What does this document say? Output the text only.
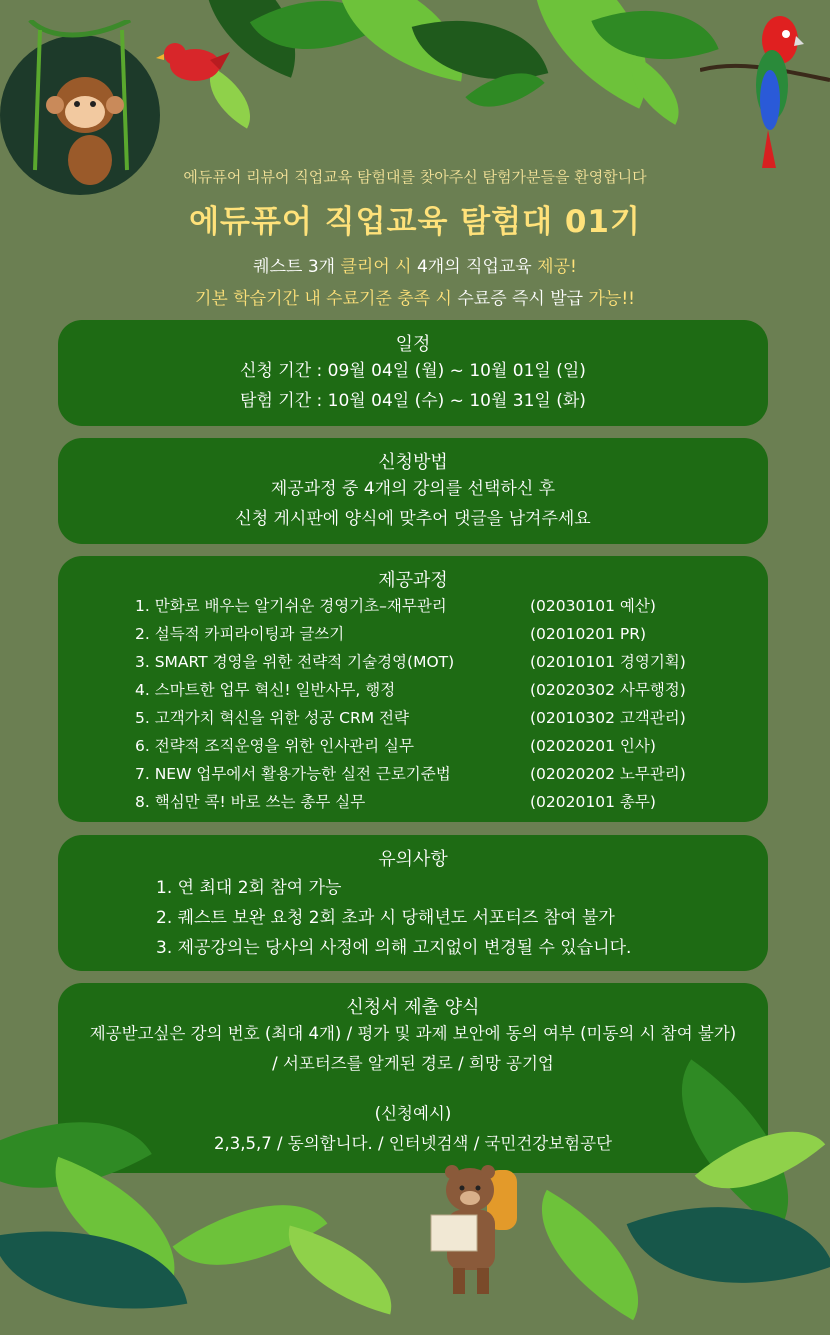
에듀퓨어 리뷰어 직업교육 탐험대를 찾아주신 탐험가분들을 환영합니다
에듀퓨어 직업교육 탐험대 01기
퀘스트 3개 클리어 시 4개의 직업교육 제공!
기본 학습기간 내 수료기준 충족 시 수료증 즉시 발급 가능!!
일정
신청 기간 : 09월 04일 (월) ~ 10월 01일 (일)
탐험 기간 : 10월 04일 (수) ~ 10월 31일 (화)
신청방법
제공과정 중 4개의 강의를 선택하신 후
신청 게시판에 양식에 맞추어 댓글을 남겨주세요
제공과정
1. 만화로 배우는 알기쉬운 경영기초–재무관리	(02030101 예산)
2. 설득적 카피라이팅과 글쓰기	(02010201 PR)
3. SMART 경영을 위한 전략적 기술경영(MOT)	(02010101 경영기획)
4. 스마트한 업무 혁신! 일반사무, 행정	(02020302 사무행정)
5. 고객가치 혁신을 위한 성공 CRM 전략	(02010302 고객관리)
6. 전략적 조직운영을 위한 인사관리 실무	(02020201 인사)
7. NEW 업무에서 활용가능한 실전 근로기준법	(02020202 노무관리)
8. 핵심만 콕! 바로 쓰는 총무 실무	(02020101 총무)
유의사항
1. 연 최대 2회 참여 가능
2. 퀘스트 보완 요청 2회 초과 시 당해년도 서포터즈 참여 불가
3. 제공강의는 당사의 사정에 의해 고지없이 변경될 수 있습니다.
신청서 제출 양식
제공받고싶은 강의 번호 (최대 4개) / 평가 및 과제 보안에 동의 여부 (미동의 시 참여 불가)
/ 서포터즈를 알게된 경로 / 희망 공기업
(신청예시)
2,3,5,7 / 동의합니다. / 인터넷검색 / 국민건강보험공단
